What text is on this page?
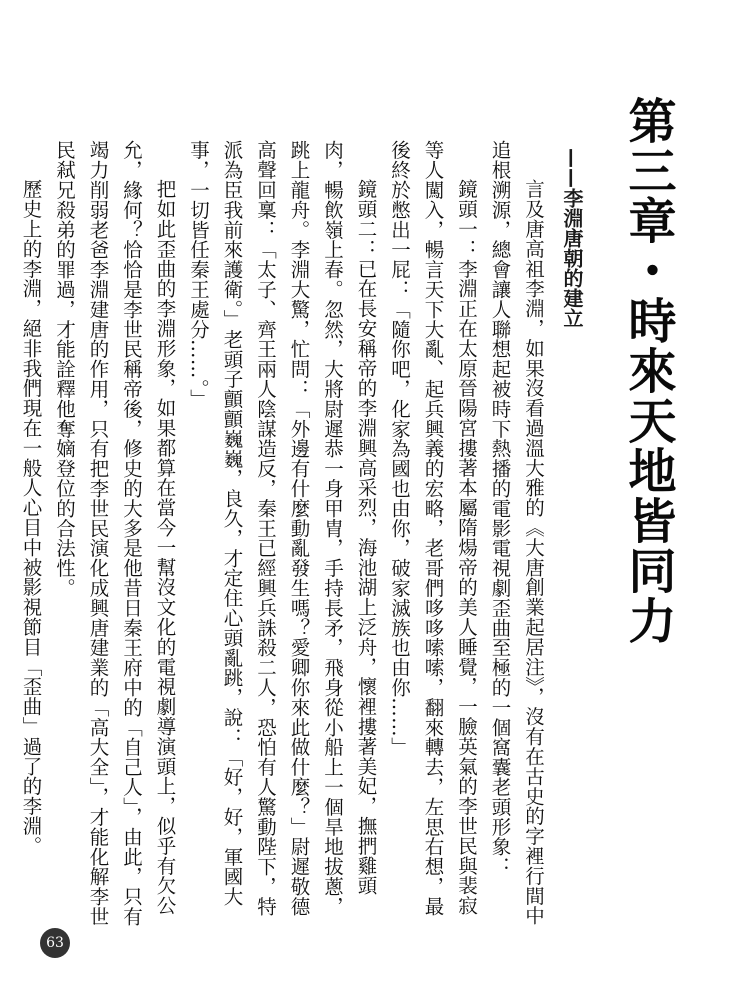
第三章・時來天地皆同力
——李淵唐朝的建立

言及唐高祖李淵，如果沒看過溫大雅的《大唐創業起居注》，沒有在古史的字裡行間中追根溯源，總會讓人聯想起被時下熱播的電影電視劇歪曲至極的一個窩囊老頭形象：

鏡頭一：李淵正在太原晉陽宮摟著本屬隋煬帝的美人睡覺，一臉英氣的李世民與裴寂等人闖入，暢言天下大亂、起兵興義的宏略，老哥們哆哆嗦嗦，翻來轉去，左思右想，最後終於憋出一屁：「隨你吧，化家為國也由你，破家滅族也由你……」

鏡頭二：已在長安稱帝的李淵興高采烈，海池湖上泛舟，懷裡摟著美妃，撫捫雞頭肉，暢飲嶺上春。忽然，大將尉遲恭一身甲胄，手持長矛，飛身從小船上一個旱地拔蔥，跳上龍舟。李淵大驚，忙問：「外邊有什麼動亂發生嗎？愛卿你來此做什麼？」尉遲敬德高聲回稟：「太子、齊王兩人陰謀造反，秦王已經興兵誅殺二人，恐怕有人驚動陛下，特派為臣我前來護衛。」老頭子顫顫巍巍，良久，才定住心頭亂跳，說：「好，好，軍國大事，一切皆任秦王處分……。」

把如此歪曲的李淵形象，如果都算在當今一幫沒文化的電視劇導演頭上，似乎有欠公允，緣何？恰恰是李世民稱帝後，修史的大多是他昔日秦王府中的「自己人」，由此，只有竭力削弱老爸李淵建唐的作用，只有把李世民演化成興唐建業的「高大全」，才能化解李世民弒兄殺弟的罪過，才能詮釋他奪嫡登位的合法性。

歷史上的李淵，絕非我們現在一般人心目中被影視節目「歪曲」過了的李淵。

63
